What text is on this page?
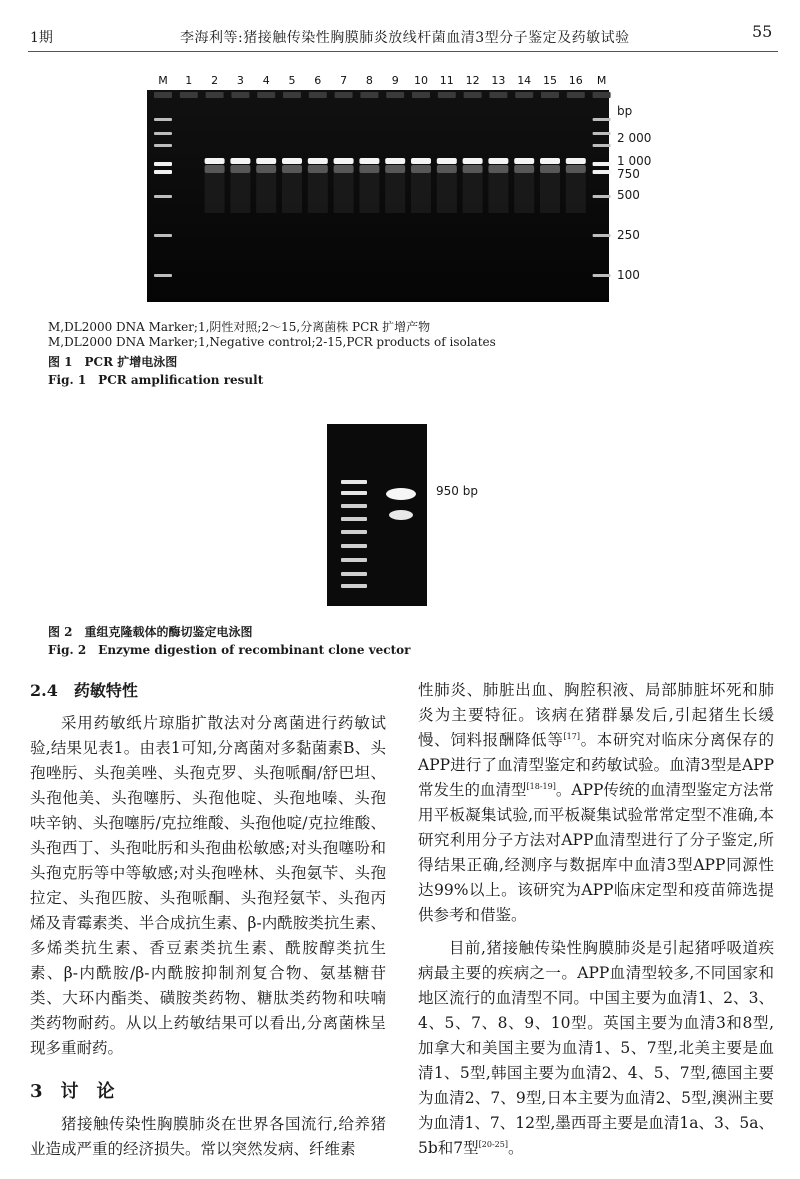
1期	李海利等:猪接触传染性胸膜肺炎放线杆菌血清3型分子鉴定及药敏试验	55
M 1 2 3 4 5 6 7 8 9 10 11 12 13 14 15 16 M
bp
2 000
1 000
750
500
250
100
M,DL2000 DNA Marker;1,阴性对照;2～15,分离菌株 PCR 扩增产物
M,DL2000 DNA Marker;1,Negative control;2-15,PCR products of isolates
图 1　PCR 扩增电泳图
Fig. 1　PCR amplification result
950 bp
图 2　重组克隆载体的酶切鉴定电泳图
Fig. 2　Enzyme digestion of recombinant clone vector

2.4　药敏特性

采用药敏纸片琼脂扩散法对分离菌进行药敏试验,结果见表1。由表1可知,分离菌对多黏菌素B、头孢唑肟、头孢美唑、头孢克罗、头孢哌酮/舒巴坦、头孢他美、头孢噻肟、头孢他啶、头孢地嗪、头孢呋辛钠、头孢噻肟/克拉维酸、头孢他啶/克拉维酸、头孢西丁、头孢吡肟和头孢曲松敏感;对头孢噻吩和头孢克肟等中等敏感;对头孢唑林、头孢氨苄、头孢拉定、头孢匹胺、头孢哌酮、头孢羟氨苄、头孢丙烯及青霉素类、半合成抗生素、β-内酰胺类抗生素、多烯类抗生素、香豆素类抗生素、酰胺醇类抗生素、β-内酰胺/β-内酰胺抑制剂复合物、氨基糖苷类、大环内酯类、磺胺类药物、糖肽类药物和呋喃类药物耐药。从以上药敏结果可以看出,分离菌株呈现多重耐药。

3　讨　论

猪接触传染性胸膜肺炎在世界各国流行,给养猪业造成严重的经济损失。常以突然发病、纤维素

性肺炎、肺脏出血、胸腔积液、局部肺脏坏死和肺炎为主要特征。该病在猪群暴发后,引起猪生长缓慢、饲料报酬降低等[17]。本研究对临床分离保存的APP进行了血清型鉴定和药敏试验。血清3型是APP常发生的血清型[18-19]。APP传统的血清型鉴定方法常用平板凝集试验,而平板凝集试验常常定型不准确,本研究利用分子方法对APP血清型进行了分子鉴定,所得结果正确,经测序与数据库中血清3型APP同源性达99%以上。该研究为APP临床定型和疫苗筛选提供参考和借鉴。

目前,猪接触传染性胸膜肺炎是引起猪呼吸道疾病最主要的疾病之一。APP血清型较多,不同国家和地区流行的血清型不同。中国主要为血清1、2、3、4、5、7、8、9、10型。英国主要为血清3和8型,加拿大和美国主要为血清1、5、7型,北美主要是血清1、5型,韩国主要为血清2、4、5、7型,德国主要为血清2、7、9型,日本主要为血清2、5型,澳洲主要为血清1、7、12型,墨西哥主要是血清1a、3、5a、5b和7型[20-25]。
